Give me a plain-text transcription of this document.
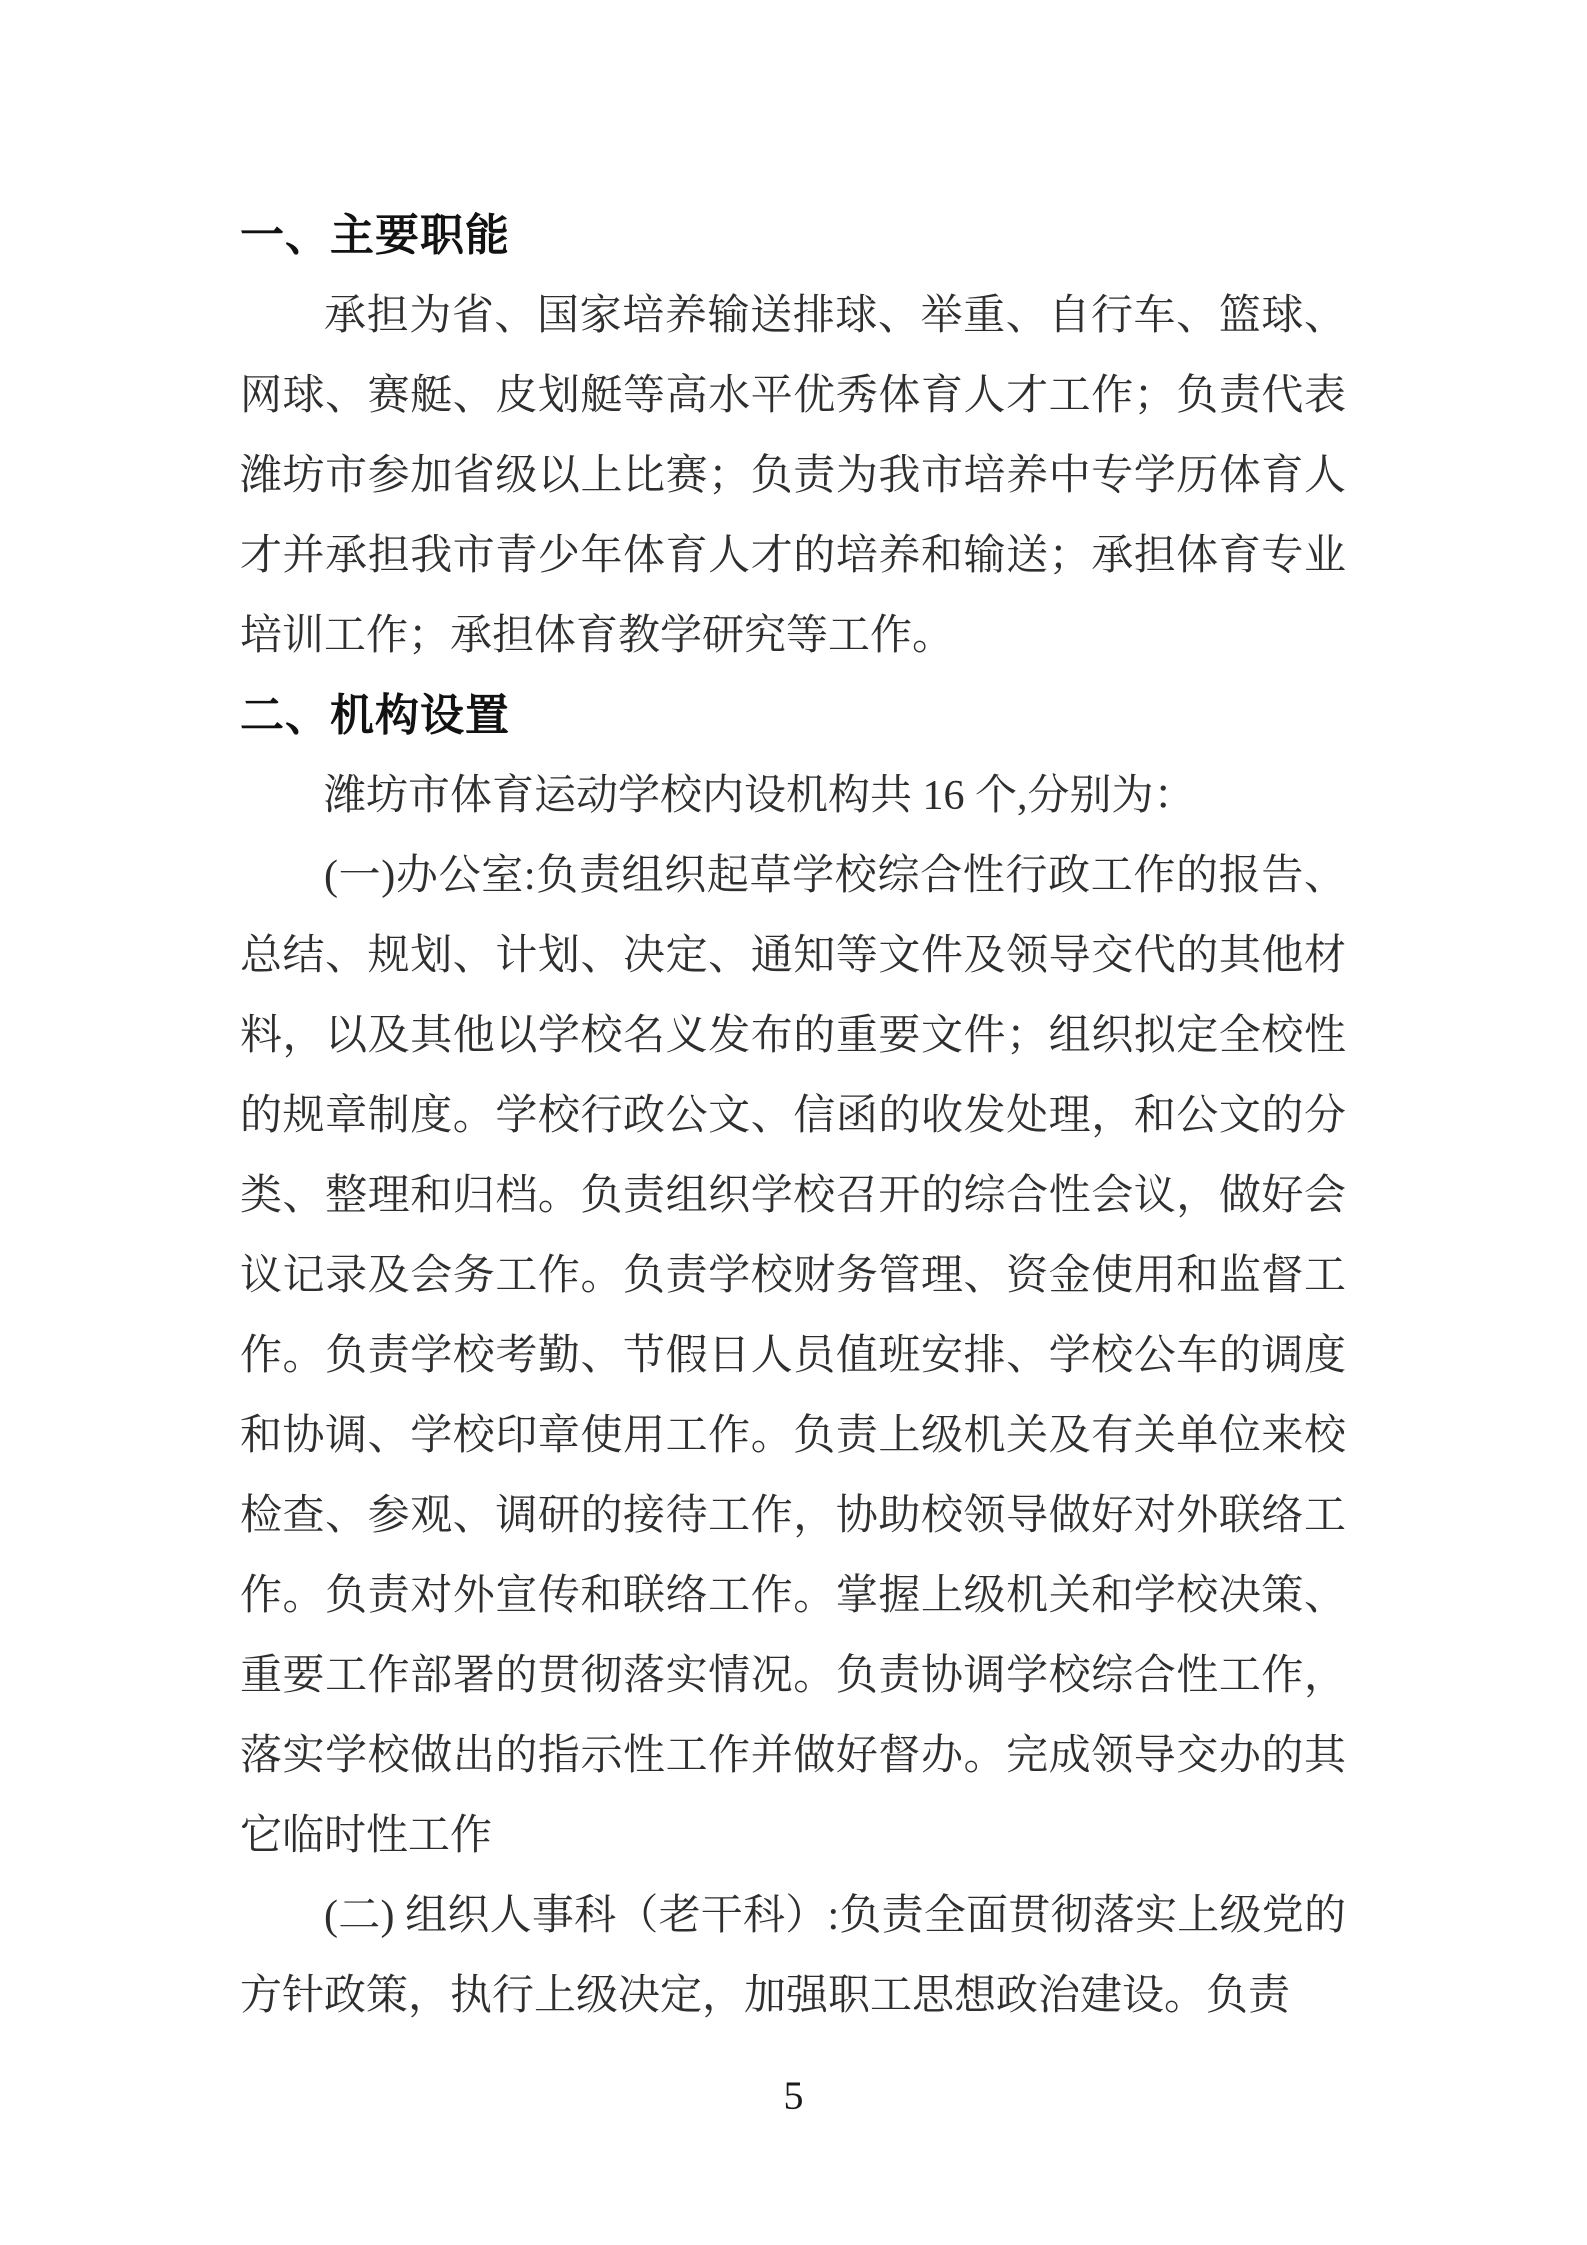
一、主要职能

承担为省、国家培养输送排球、举重、自行车、篮球、网球、赛艇、皮划艇等高水平优秀体育人才工作；负责代表潍坊市参加省级以上比赛；负责为我市培养中专学历体育人才并承担我市青少年体育人才的培养和输送；承担体育专业培训工作；承担体育教学研究等工作。

二、机构设置

潍坊市体育运动学校内设机构共 16 个,分别为：

(一)办公室:负责组织起草学校综合性行政工作的报告、总结、规划、计划、决定、通知等文件及领导交代的其他材料，以及其他以学校名义发布的重要文件；组织拟定全校性的规章制度。学校行政公文、信函的收发处理，和公文的分类、整理和归档。负责组织学校召开的综合性会议，做好会议记录及会务工作。负责学校财务管理、资金使用和监督工作。负责学校考勤、节假日人员值班安排、学校公车的调度和协调、学校印章使用工作。负责上级机关及有关单位来校检查、参观、调研的接待工作，协助校领导做好对外联络工作。负责对外宣传和联络工作。掌握上级机关和学校决策、重要工作部署的贯彻落实情况。负责协调学校综合性工作，落实学校做出的指示性工作并做好督办。完成领导交办的其它临时性工作

(二) 组织人事科（老干科）:负责全面贯彻落实上级党的方针政策，执行上级决定，加强职工思想政治建设。负责

5
